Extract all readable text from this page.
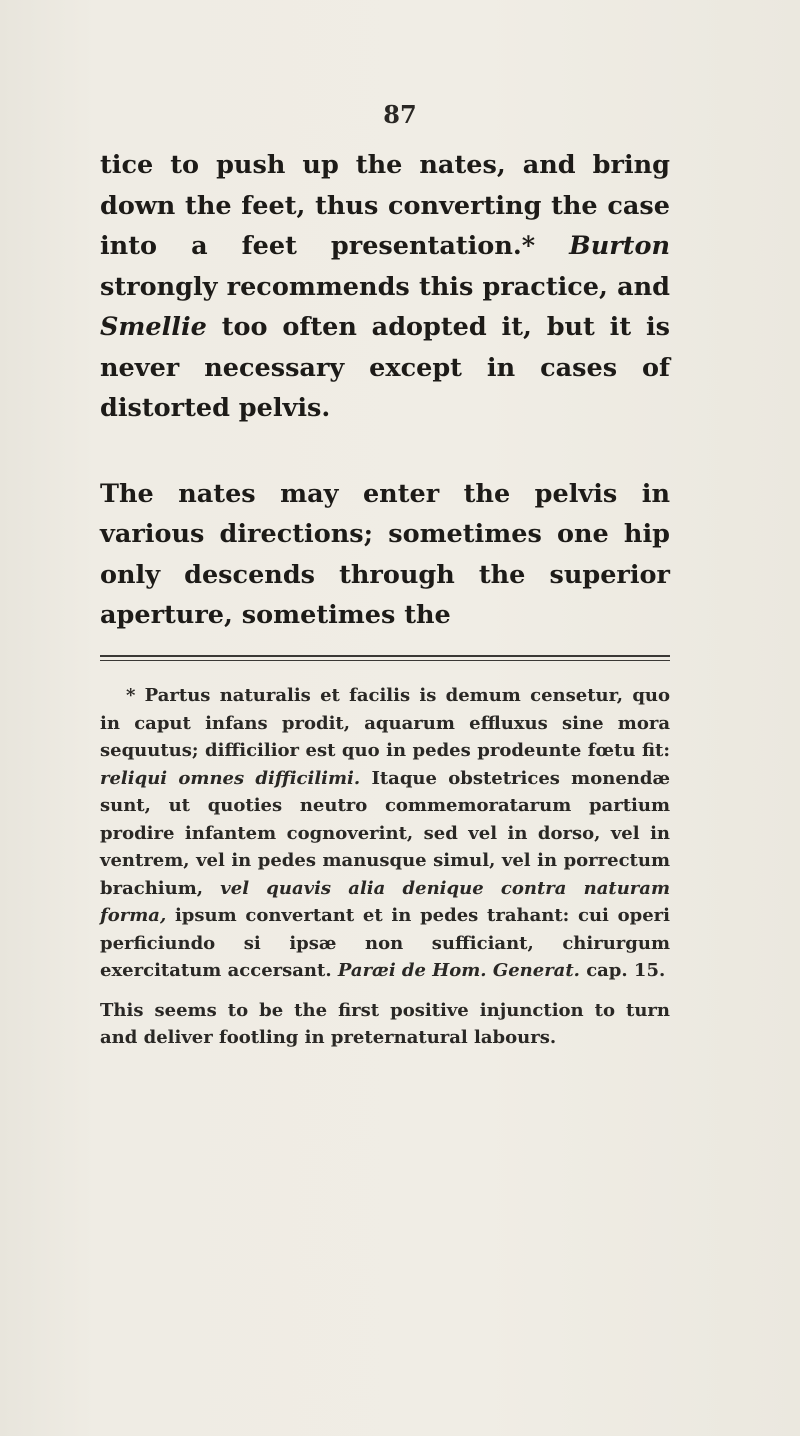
87

tice to push up the nates, and bring down the feet, thus converting the case into a feet presentation.* Burton strongly recommends this practice, and Smellie too often adopted it, but it is never necessary except in cases of distorted pelvis.

The nates may enter the pelvis in various directions; sometimes one hip only descends through the superior aperture, sometimes the

* Partus naturalis et facilis is demum censetur, quo in caput infans prodit, aquarum effluxus sine mora sequutus; difficilior est quo in pedes prodeunte fœtu fit: reliqui omnes difficilimi. Itaque obstetrices monendæ sunt, ut quoties neutro commemoratarum partium prodire infantem cognoverint, sed vel in dorso, vel in ventrem, vel in pedes manusque simul, vel in porrectum brachium, vel quavis alia denique contra naturam forma, ipsum convertant et in pedes trahant: cui operi perficiundo si ipsæ non sufficiant, chirurgum exercitatum accersant. Paræi de Hom. Generat. cap. 15.

This seems to be the first positive injunction to turn and deliver footling in preternatural labours.
